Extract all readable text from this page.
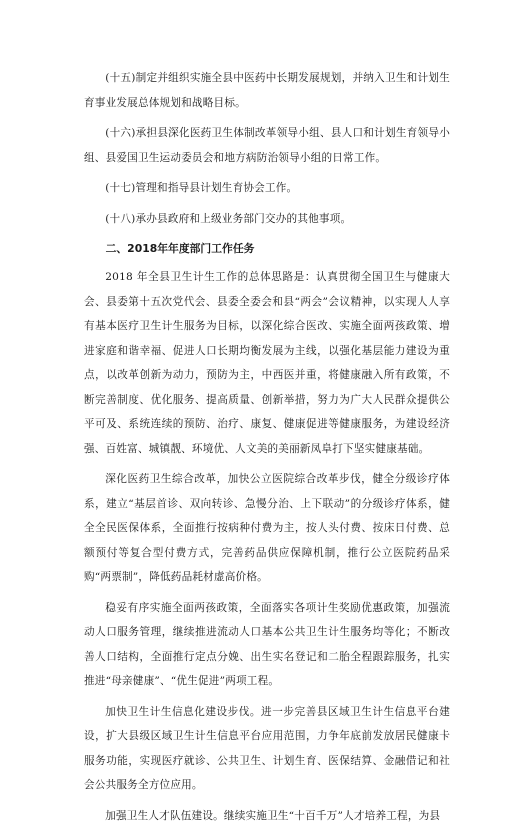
(十五)制定并组织实施全县中医药中长期发展规划，并纳入卫生和计划生育事业发展总体规划和战略目标。

(十六)承担县深化医药卫生体制改革领导小组、县人口和计划生育领导小组、县爱国卫生运动委员会和地方病防治领导小组的日常工作。

(十七)管理和指导县计划生育协会工作。

(十八)承办县政府和上级业务部门交办的其他事项。

二、2018年年度部门工作任务

2018 年全县卫生计生工作的总体思路是：认真贯彻全国卫生与健康大会、县委第十五次党代会、县委全委会和县“两会”会议精神，以实现人人享有基本医疗卫生计生服务为目标，以深化综合医改、实施全面两孩政策、增进家庭和谐幸福、促进人口长期均衡发展为主线，以强化基层能力建设为重点，以改革创新为动力，预防为主，中西医并重，将健康融入所有政策，不断完善制度、优化服务、提高质量、创新举措，努力为广大人民群众提供公平可及、系统连续的预防、治疗、康复、健康促进等健康服务，为建设经济强、百姓富、城镇靓、环境优、人文美的美丽新凤阜打下坚实健康基础。

深化医药卫生综合改革，加快公立医院综合改革步伐，健全分级诊疗体系，建立“基层首诊、双向转诊、急慢分治、上下联动”的分级诊疗体系，健全全民医保体系，全面推行按病种付费为主，按人头付费、按床日付费、总额预付等复合型付费方式，完善药品供应保障机制，推行公立医院药品采购“两票制”，降低药品耗材虚高价格。

稳妥有序实施全面两孩政策，全面落实各项计生奖励优惠政策，加强流动人口服务管理，继续推进流动人口基本公共卫生计生服务均等化；不断改善人口结构，全面推行定点分娩、出生实名登记和二胎全程跟踪服务，扎实推进“母亲健康”、“优生促进”两项工程。

加快卫生计生信息化建设步伐。进一步完善县区域卫生计生信息平台建设，扩大县级区域卫生计生信息平台应用范围，力争年底前发放居民健康卡服务功能，实现医疗就诊、公共卫生、计划生育、医保结算、金融借记和社会公共服务全方位应用。

加强卫生人才队伍建设。继续实施卫生“十百千万”人才培养工程，为县
